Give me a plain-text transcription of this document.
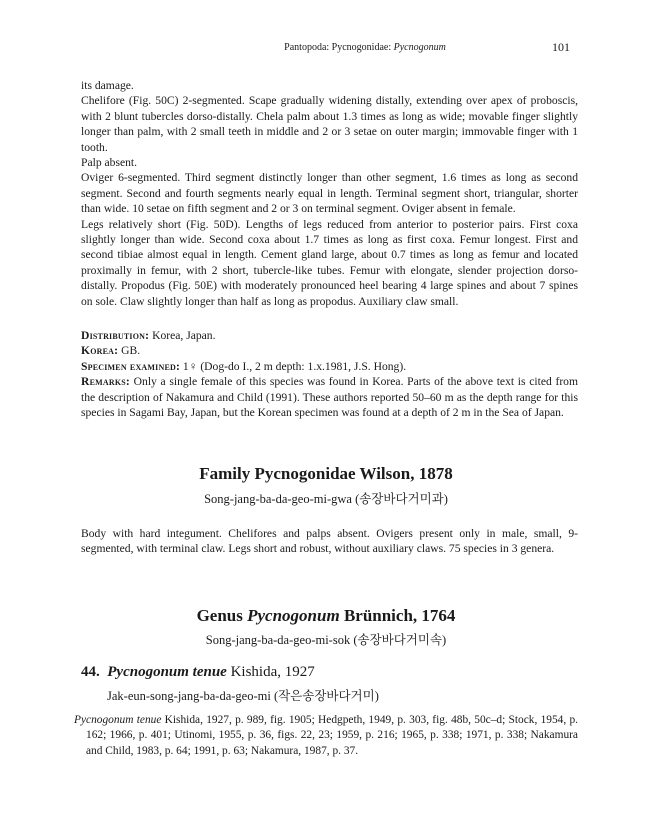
Pantopoda: Pycnogonidae: Pycnogonum	101

its damage.

Chelifore (Fig. 50C) 2-segmented. Scape gradually widening distally, extending over apex of proboscis, with 2 blunt tubercles dorso-distally. Chela palm about 1.3 times as long as wide; movable finger slightly longer than palm, with 2 small teeth in middle and 2 or 3 setae on outer margin; immovable finger with 1 tooth.

Palp absent.

Oviger 6-segmented. Third segment distinctly longer than other segment, 1.6 times as long as second segment. Second and fourth segments nearly equal in length. Terminal segment short, triangular, shorter than wide. 10 setae on fifth segment and 2 or 3 on terminal segment. Oviger absent in female.

Legs relatively short (Fig. 50D). Lengths of legs reduced from anterior to posterior pairs. First coxa slightly longer than wide. Second coxa about 1.7 times as long as first coxa. Femur longest. First and second tibiae almost equal in length. Cement gland large, about 0.7 times as long as femur and located proximally in femur, with 2 short, tubercle-like tubes. Femur with elongate, slender projection dorso-distally. Propodus (Fig. 50E) with moderately pronounced heel bearing 4 large spines and about 7 spines on sole. Claw slightly longer than half as long as propodus. Auxiliary claw small.

Distribution: Korea, Japan.

Korea: GB.

Specimen examined: 1♀ (Dog-do I., 2 m depth: 1.x.1981, J.S. Hong).

Remarks: Only a single female of this species was found in Korea. Parts of the above text is cited from the description of Nakamura and Child (1991). These authors reported 50–60 m as the depth range for this species in Sagami Bay, Japan, but the Korean specimen was found at a depth of 2 m in the Sea of Japan.

Family Pycnogonidae Wilson, 1878
Song-jang-ba-da-geo-mi-gwa (송장바다거미과)

Body with hard integument. Chelifores and palps absent. Ovigers present only in male, small, 9-segmented, with terminal claw. Legs short and robust, without auxiliary claws. 75 species in 3 genera.

Genus Pycnogonum Brünnich, 1764
Song-jang-ba-da-geo-mi-sok (송장바다거미속)
44. Pycnogonum tenue Kishida, 1927
Jak-eun-song-jang-ba-da-geo-mi (작은송장바다거미)
Pycnogonum tenue Kishida, 1927, p. 989, fig. 1905; Hedgpeth, 1949, p. 303, fig. 48b, 50c–d; Stock, 1954, p. 162; 1966, p. 401; Utinomi, 1955, p. 36, figs. 22, 23; 1959, p. 216; 1965, p. 338; 1971, p. 338; Nakamura and Child, 1983, p. 64; 1991, p. 63; Nakamura, 1987, p. 37.
